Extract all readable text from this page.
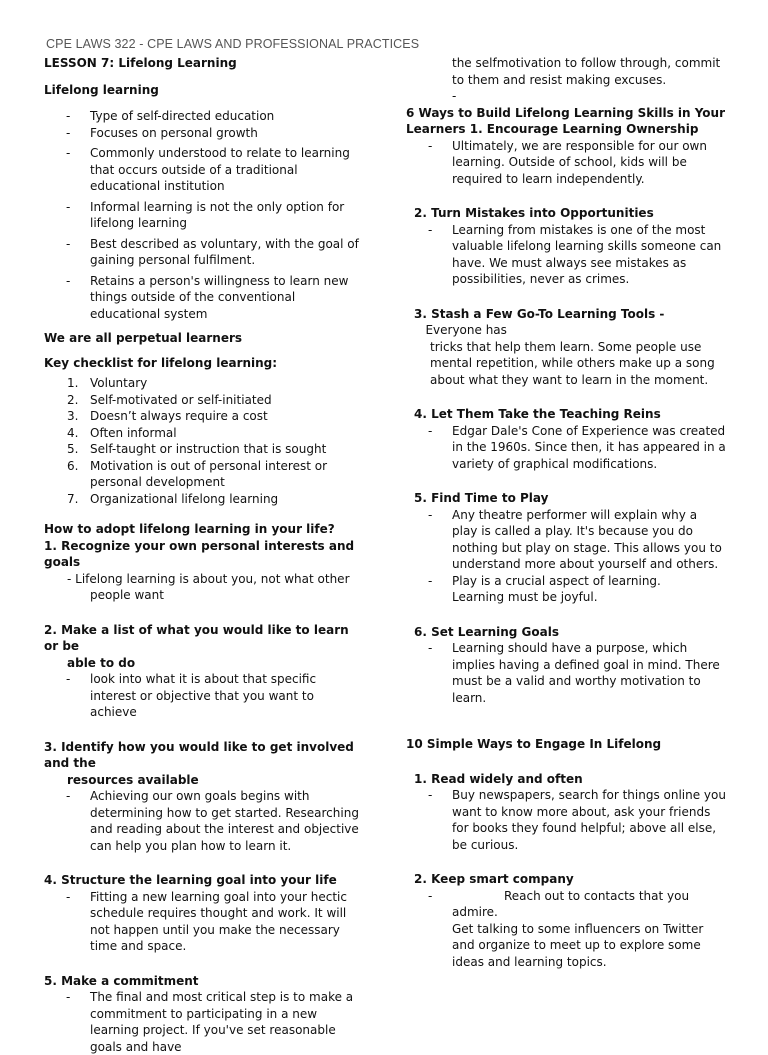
CPE LAWS 322 - CPE LAWS AND PROFESSIONAL PRACTICES
LESSON 7: Lifelong Learning
Lifelong learning
- Type of self-directed education
- Focuses on personal growth
- Commonly understood to relate to learning that occurs outside of a traditional educational institution
- Informal learning is not the only option for lifelong learning
- Best described as voluntary, with the goal of gaining personal fulfilment.
- Retains a person's willingness to learn new things outside of the conventional educational system
We are all perpetual learners
Key checklist for lifelong learning:
1. Voluntary
2. Self-motivated or self-initiated
3. Doesn’t always require a cost
4. Often informal
5. Self-taught or instruction that is sought
6. Motivation is out of personal interest or personal development
7. Organizational lifelong learning
How to adopt lifelong learning in your life?
1. Recognize your own personal interests and goals
- Lifelong learning is about you, not what other
people want
2. Make a list of what you would like to learn or be
able to do
- look into what it is about that specific interest or objective that you want to achieve
3. Identify how you would like to get involved and the
resources available
- Achieving our own goals begins with determining how to get started. Researching and reading about the interest and objective can help you plan how to learn it.
4. Structure the learning goal into your life
- Fitting a new learning goal into your hectic schedule requires thought and work. It will not happen until you make the necessary time and space.
5. Make a commitment
- The final and most critical step is to make a commitment to participating in a new learning project. If you've set reasonable goals and have
the selfmotivation to follow through, commit to them and resist making excuses.
-
6 Ways to Build Lifelong Learning Skills in Your
Learners 1. Encourage Learning Ownership
- Ultimately, we are responsible for our own learning. Outside of school, kids will be required to learn independently.
2. Turn Mistakes into Opportunities
- Learning from mistakes is one of the most valuable lifelong learning skills someone can have. We must always see mistakes as possibilities, never as crimes.
3. Stash a Few Go-To Learning Tools -   Everyone has
tricks that help them learn. Some people use mental repetition, while others make up a song about what they want to learn in the moment.
4. Let Them Take the Teaching Reins
- Edgar Dale's Cone of Experience was created in the 1960s. Since then, it has appeared in a variety of graphical modifications.
5. Find Time to Play
- Any theatre performer will explain why a play is called a play. It's because you do nothing but play on stage. This allows you to understand more about yourself and others.
- Play is a crucial aspect of learning.
Learning must be joyful.
6. Set Learning Goals
- Learning should have a purpose, which implies having a defined goal in mind. There must be a valid and worthy motivation to learn.
10 Simple Ways to Engage In Lifelong
1. Read widely and often
- Buy newspapers, search for things online you want to know more about, ask your friends for books they found helpful; above all else, be curious.
2. Keep smart company
-	Reach out to contacts that you admire.
Get talking to some influencers on Twitter and organize to meet up to explore some ideas and learning topics.
